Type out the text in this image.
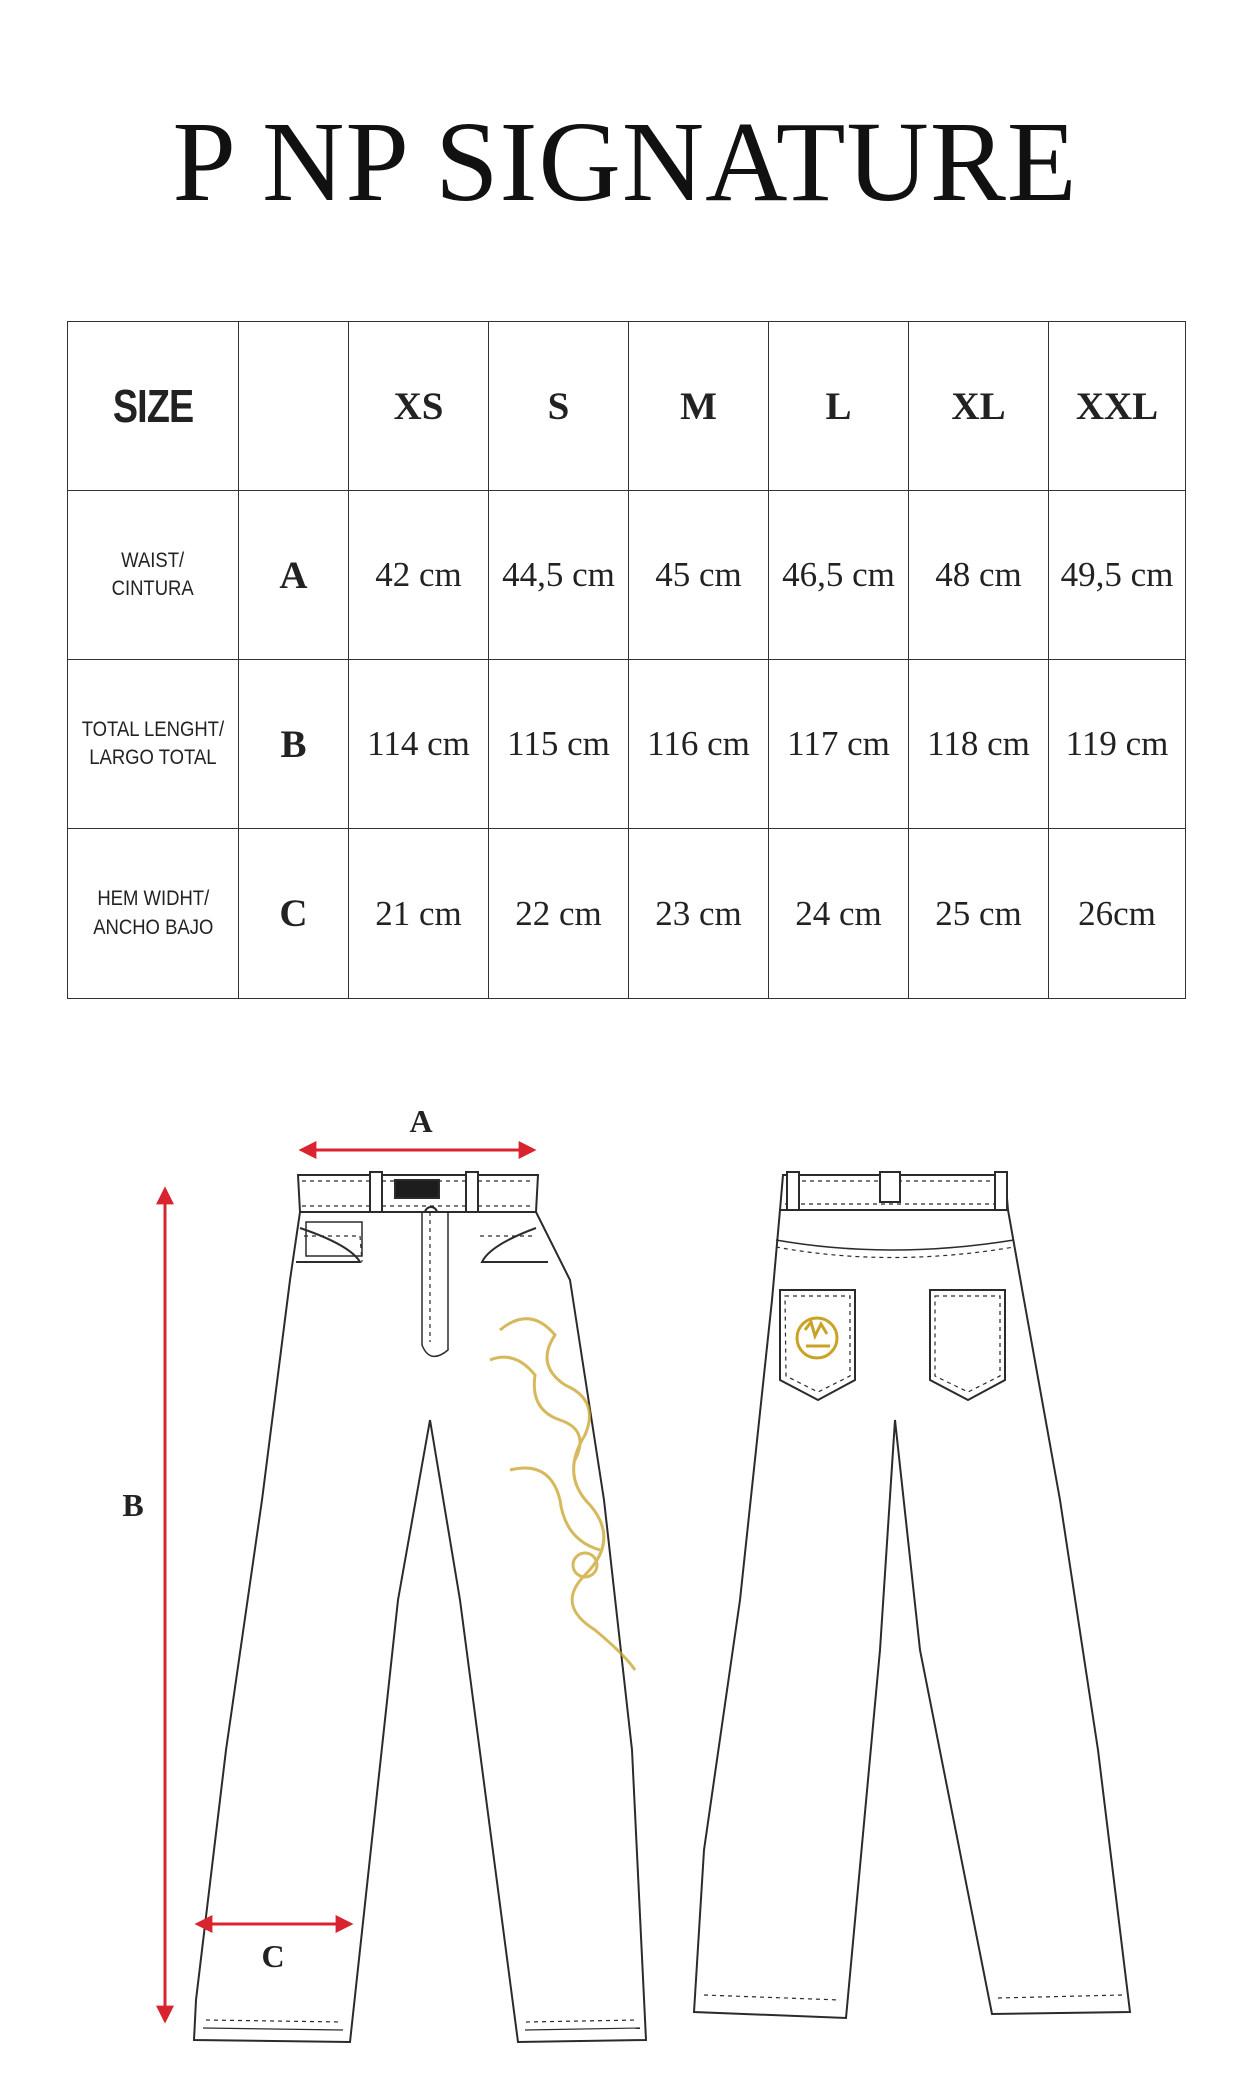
P NP SIGNATURE
SIZE		XS	S	M	L	XL	XXL
WAIST/
CINTURA	A	42 cm	44,5 cm	45 cm	46,5 cm	48 cm	49,5 cm
TOTAL LENGHT/
LARGO TOTAL	B	114 cm	115 cm	116 cm	117 cm	118 cm	119 cm
HEM WIDHT/
ANCHO BAJO	C	21 cm	22 cm	23 cm	24 cm	25 cm	26cm
A
B
C
